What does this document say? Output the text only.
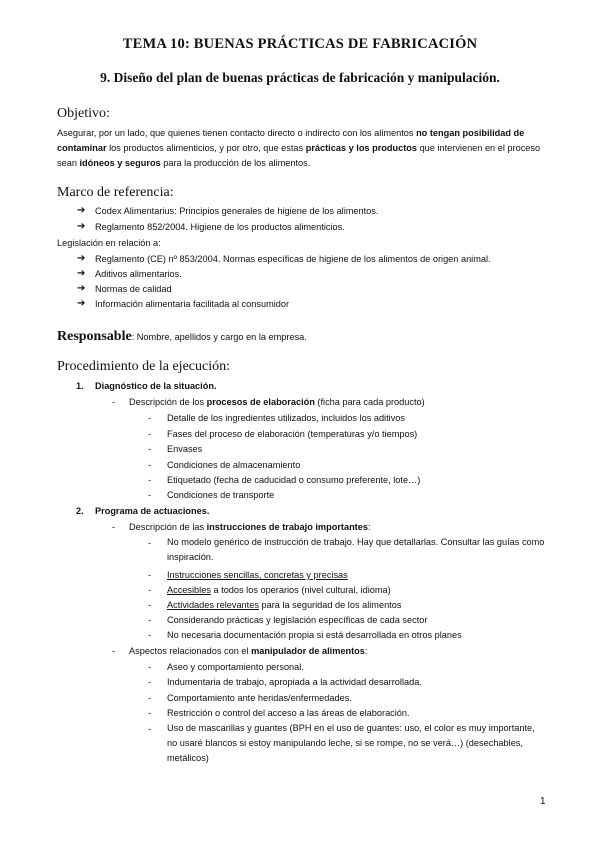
TEMA 10: BUENAS PRÁCTICAS DE FABRICACIÓN
9. Diseño del plan de buenas prácticas de fabricación y manipulación.
Objetivo:
Asegurar, por un lado, que quienes tienen contacto directo o indirecto con los alimentos no tengan posibilidad de contaminar los productos alimenticios, y por otro, que estas prácticas y los productos que intervienen en el proceso sean idóneos y seguros para la producción de los alimentos.
Marco de referencia:
➔ Codex Alimentarius: Principios generales de higiene de los alimentos.
➔ Reglamento 852/2004. Higiene de los productos alimenticios.
Legislación en relación a:
➔ Reglamento (CE) nº 853/2004. Normas específicas de higiene de los alimentos de origen animal.
➔ Aditivos alimentarios.
➔ Normas de calidad
➔ Información alimentaria facilitada al consumidor
Responsable: Nombre, apellidos y cargo en la empresa.
Procedimiento de la ejecución:
1. Diagnóstico de la situación.
- Descripción de los procesos de elaboración (ficha para cada producto)
- Detalle de los ingredientes utilizados, incluidos los aditivos
- Fases del proceso de elaboración (temperaturas y/o tiempos)
- Envases
- Condiciones de almacenamiento
- Etiquetado (fecha de caducidad o consumo preferente, lote…)
- Condiciones de transporte
2. Programa de actuaciones.
- Descripción de las instrucciones de trabajo importantes:
- No modelo genérico de instrucción de trabajo. Hay que detallarlas. Consultar las guías como inspiración.
- Instrucciones sencillas, concretas y precisas
- Accesibles a todos los operarios (nivel cultural, idioma)
- Actividades relevantes para la seguridad de los alimentos
- Considerando prácticas y legislación específicas de cada sector
- No necesaria documentación propia si está desarrollada en otros planes
- Aspectos relacionados con el manipulador de alimentos:
- Aseo y comportamiento personal.
- Indumentaria de trabajo, apropiada a la actividad desarrollada.
- Comportamiento ante heridas/enfermedades.
- Restricción o control del acceso a las áreas de elaboración.
- Uso de mascarillas y guantes (BPH en el uso de guantes: uso, el color es muy importante, no usaré blancos si estoy manipulando leche, si se rompe, no se verá…) (desechables, metálicos)
1
